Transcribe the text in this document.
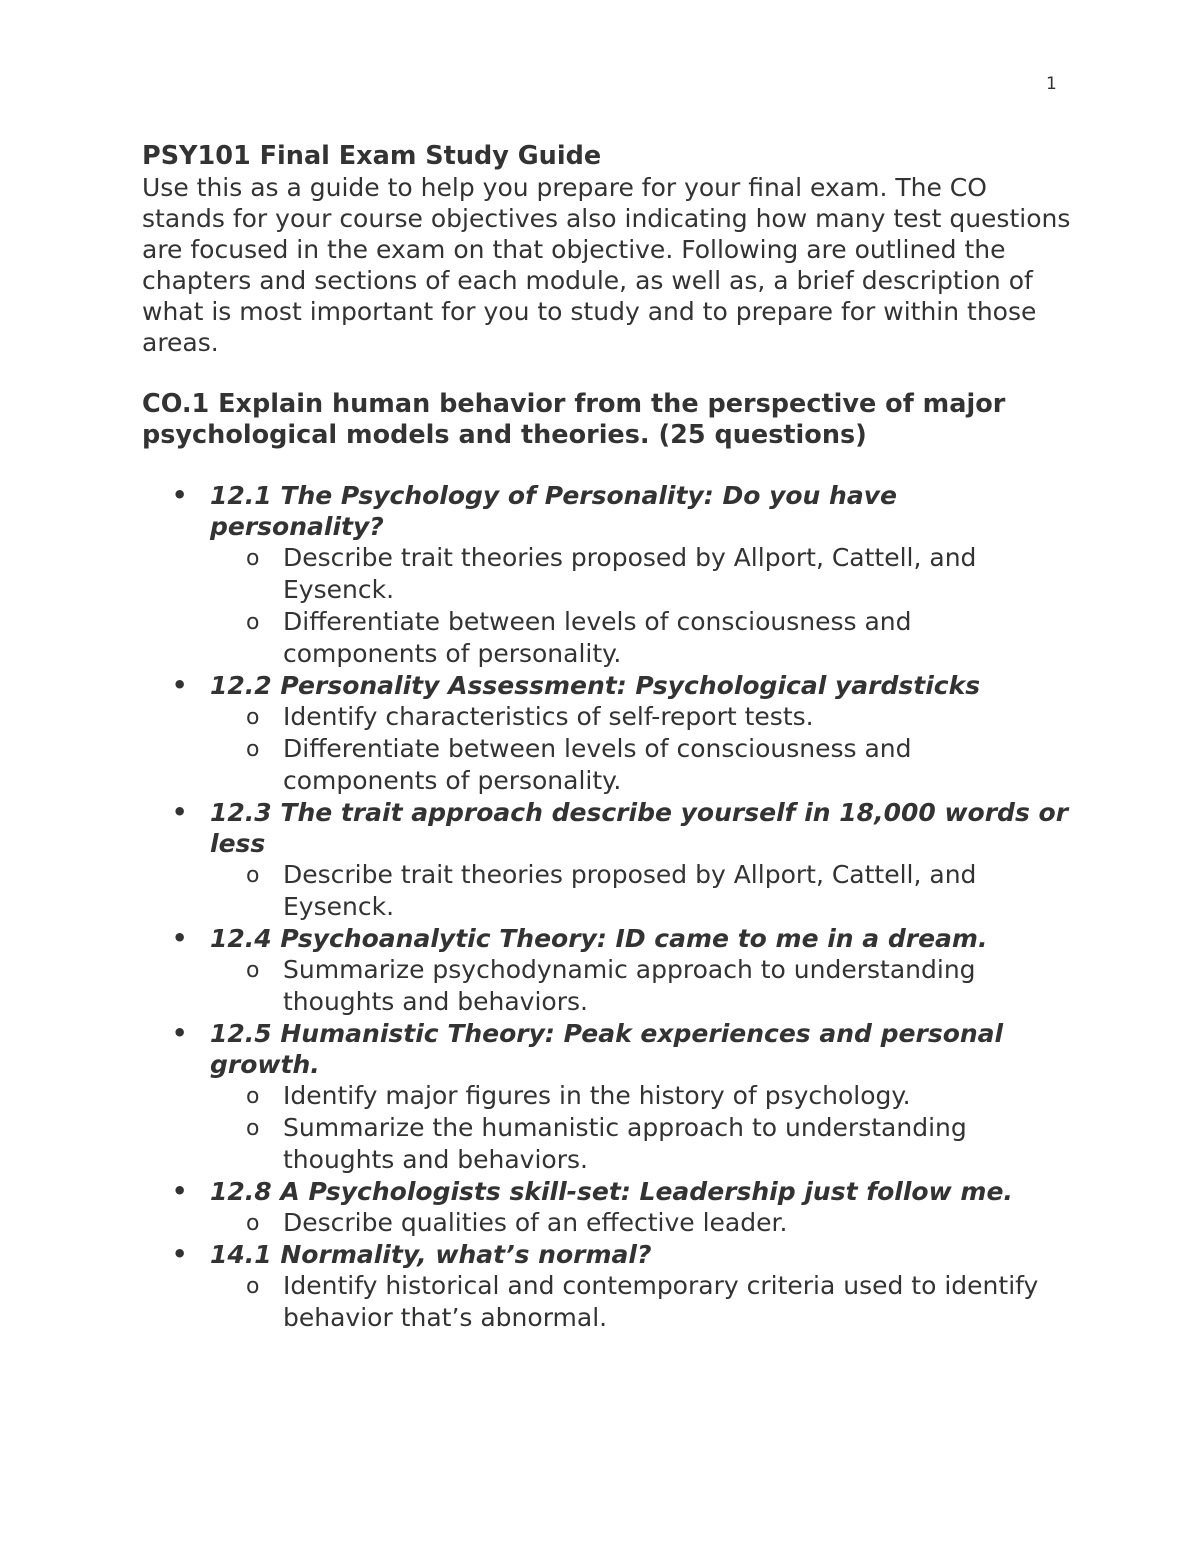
1

PSY101 Final Exam Study Guide

Use this as a guide to help you prepare for your final exam. The CO stands for your course objectives also indicating how many test questions are focused in the exam on that objective. Following are outlined the chapters and sections of each module, as well as, a brief description of what is most important for you to study and to prepare for within those areas.

CO.1 Explain human behavior from the perspective of major psychological models and theories. (25 questions)

• 12.1 The Psychology of Personality: Do you have personality?
o Describe trait theories proposed by Allport, Cattell, and Eysenck.
o Differentiate between levels of consciousness and components of personality.
• 12.2 Personality Assessment: Psychological yardsticks
o Identify characteristics of self-report tests.
o Differentiate between levels of consciousness and components of personality.
• 12.3 The trait approach describe yourself in 18,000 words or less
o Describe trait theories proposed by Allport, Cattell, and Eysenck.
• 12.4 Psychoanalytic Theory: ID came to me in a dream.
o Summarize psychodynamic approach to understanding thoughts and behaviors.
• 12.5 Humanistic Theory: Peak experiences and personal growth.
o Identify major figures in the history of psychology.
o Summarize the humanistic approach to understanding thoughts and behaviors.
• 12.8 A Psychologists skill-set: Leadership just follow me.
o Describe qualities of an effective leader.
• 14.1 Normality, what’s normal?
o Identify historical and contemporary criteria used to identify behavior that’s abnormal.
